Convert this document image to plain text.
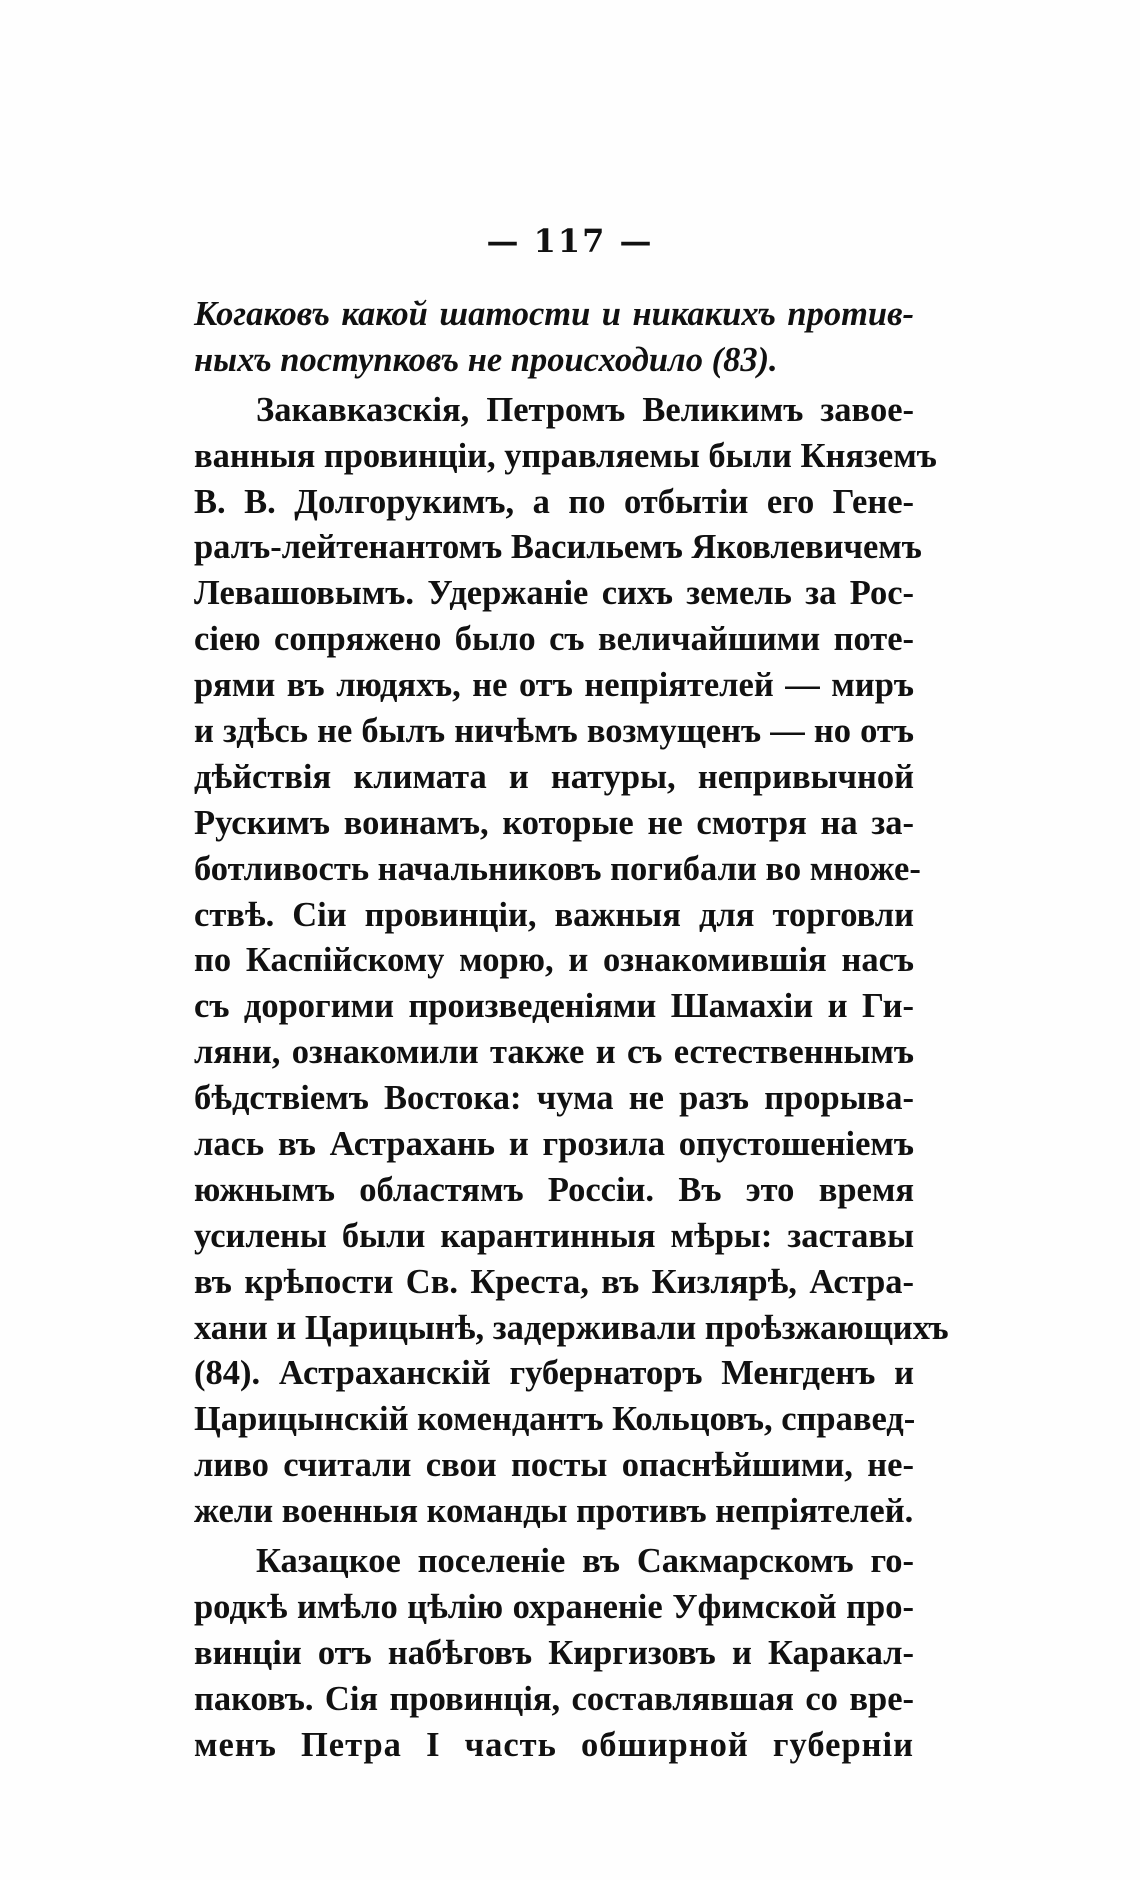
— 117 —
Когаковъ какой шатости и никакихъ против-
ныхъ поступковъ не происходило (83).
Закавказскія, Петромъ Великимъ завое-
ванныя провинціи, управляемы были Княземъ
В. В. Долгорукимъ, а по отбытіи его Гене-
ралъ-лейтенантомъ Васильемъ Яковлевичемъ
Левашовымъ. Удержаніе сихъ земель за Рос-
сіею сопряжено было съ величайшими поте-
рями въ людяхъ, не отъ непріятелей — миръ
и здѣсь не былъ ничѣмъ возмущенъ — но отъ
дѣйствія климата и натуры, непривычной
Рускимъ воинамъ, которые не смотря на за-
ботливость начальниковъ погибали во множе-
ствѣ. Сіи провинціи, важныя для торговли
по Каспійскому морю, и ознакомившія насъ
съ дорогими произведеніями Шамахіи и Ги-
ляни, ознакомили также и съ естественнымъ
бѣдствіемъ Востока: чума не разъ прорыва-
лась въ Астрахань и грозила опустошеніемъ
южнымъ областямъ Россіи. Въ это время
усилены были карантинныя мѣры: заставы
въ крѣпости Св. Креста, въ Кизлярѣ, Астра-
хани и Царицынѣ, задерживали проѣзжающихъ
(84). Астраханскій губернаторъ Менгденъ и
Царицынскій комендантъ Кольцовъ, справед-
ливо считали свои посты опаснѣйшими, не-
жели военныя команды противъ непріятелей.
Казацкое поселеніе въ Сакмарскомъ го-
родкѣ имѣло цѣлію охраненіе Уфимской про-
винціи отъ набѣговъ Киргизовъ и Каракал-
паковъ. Сія провинція, составлявшая со вре-
менъ Петра I часть обширной губерніи
